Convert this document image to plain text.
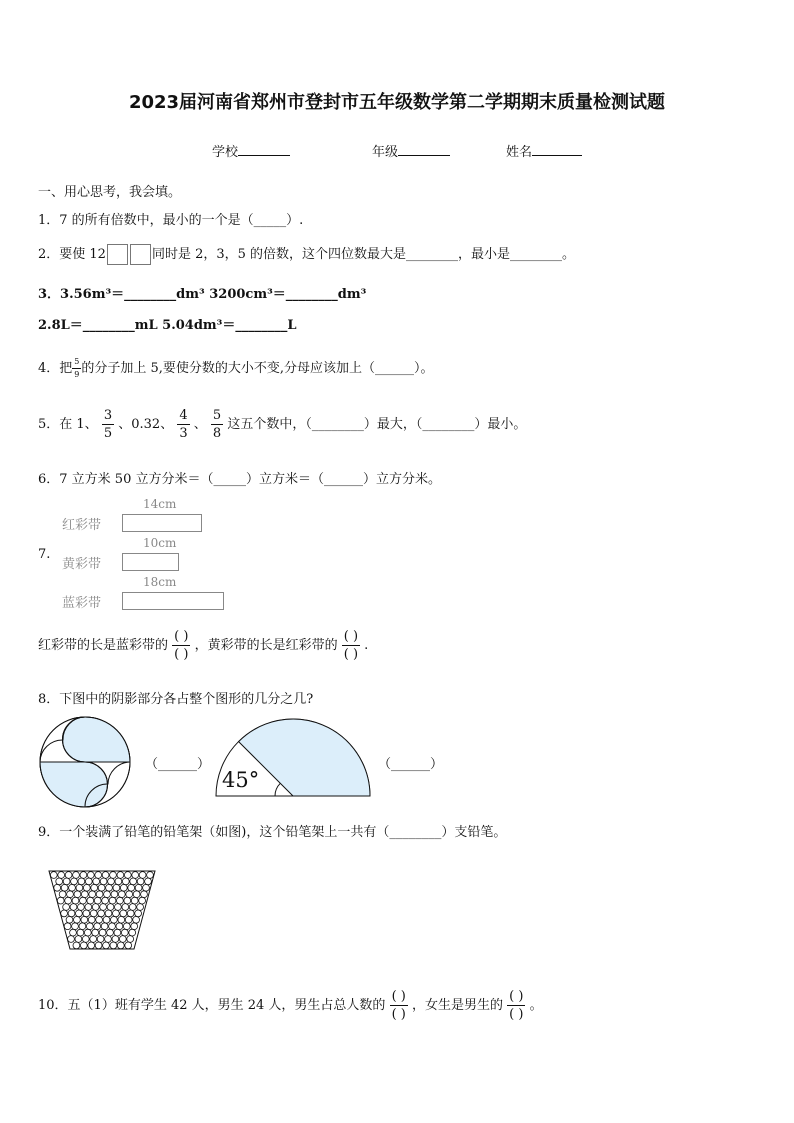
2023届河南省郑州市登封市五年级数学第二学期期末质量检测试题
学校	年级	姓名
一、用心思考，我会填。
1．7 的所有倍数中，最小的一个是（_____）.
2．要使 12	同时是 2，3，5 的倍数，这个四位数最大是________，最小是________。
3．3.56m³＝________dm³ 3200cm³＝________dm³
2.8L＝________mL 5.04dm³＝________L
4．把 $\frac{5}{9}$ 的分子加上 5,要使分数的大小不变,分母应该加上（______）。
5．在 1、 $\frac{3}{5}$ 、0.32、 $\frac{4}{3}$ 、 $\frac{5}{8}$ 这五个数中，（________）最大，（________）最小。
6．7 立方米 50 立方分米＝（_____）立方米＝（______）立方分米。
7.
红彩带
14cm
黄彩带
10cm
蓝彩带
18cm
红彩带的长是蓝彩带的 $\frac{( )}{( )}$ ，黄彩带的长是红彩带的 $\frac{( )}{( )}$ .
8．下图中的阴影部分各占整个图形的几分之几?
（______）
45°
（______）
9．一个装满了铅笔的铅笔架（如图)，这个铅笔架上一共有（________）支铅笔。
10．五（1）班有学生 42 人，男生 24 人，男生占总人数的 $\frac{( )}{( )}$ ，女生是男生的 $\frac{( )}{( )}$ 。
